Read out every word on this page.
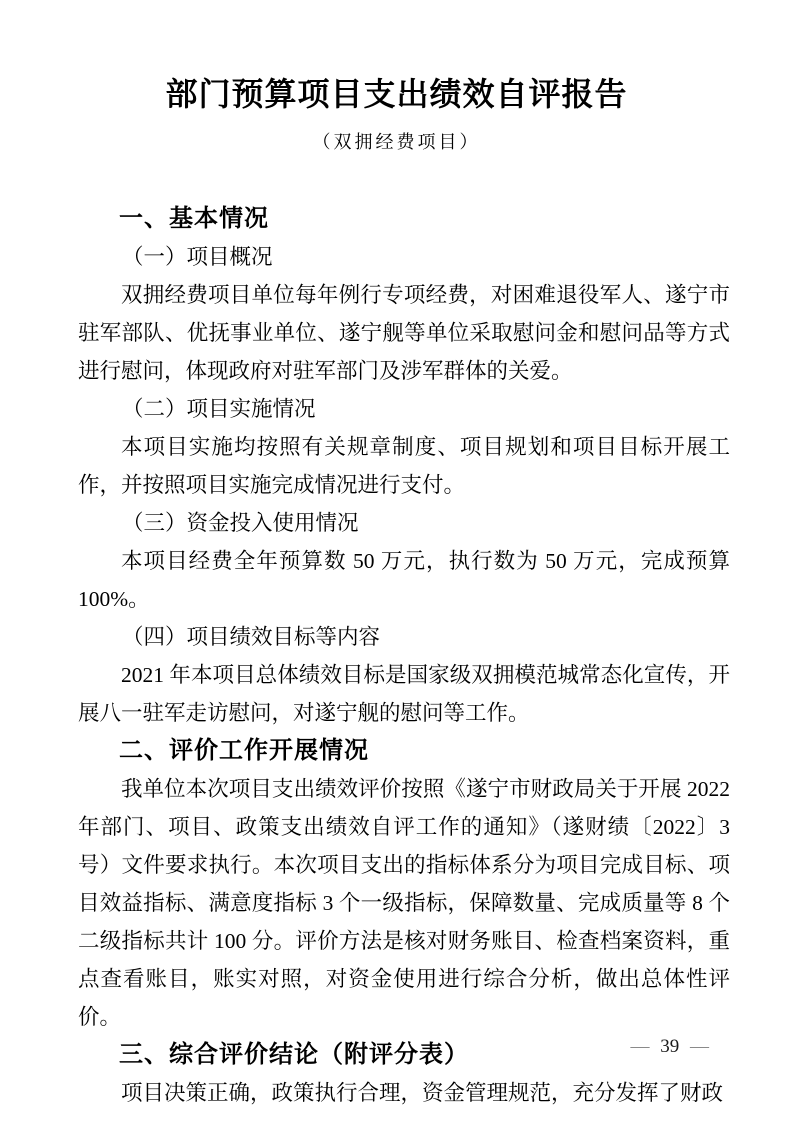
部门预算项目支出绩效自评报告
（双拥经费项目）
一、基本情况
（一）项目概况
双拥经费项目单位每年例行专项经费，对困难退役军人、遂宁市驻军部队、优抚事业单位、遂宁舰等单位采取慰问金和慰问品等方式进行慰问，体现政府对驻军部门及涉军群体的关爱。
（二）项目实施情况
本项目实施均按照有关规章制度、项目规划和项目目标开展工作，并按照项目实施完成情况进行支付。
（三）资金投入使用情况
本项目经费全年预算数 50 万元，执行数为 50 万元，完成预算 100%。
（四）项目绩效目标等内容
2021 年本项目总体绩效目标是国家级双拥模范城常态化宣传，开展八一驻军走访慰问，对遂宁舰的慰问等工作。
二、评价工作开展情况
我单位本次项目支出绩效评价按照《遂宁市财政局关于开展 2022 年部门、项目、政策支出绩效自评工作的通知》（遂财绩〔2022〕3 号）文件要求执行。本次项目支出的指标体系分为项目完成目标、项目效益指标、满意度指标 3 个一级指标，保障数量、完成质量等 8 个二级指标共计 100 分。评价方法是核对财务账目、检查档案资料，重点查看账目，账实对照，对资金使用进行综合分析，做出总体性评价。
三、综合评价结论（附评分表）
项目决策正确，政策执行合理，资金管理规范，充分发挥了财政
— 39 —
